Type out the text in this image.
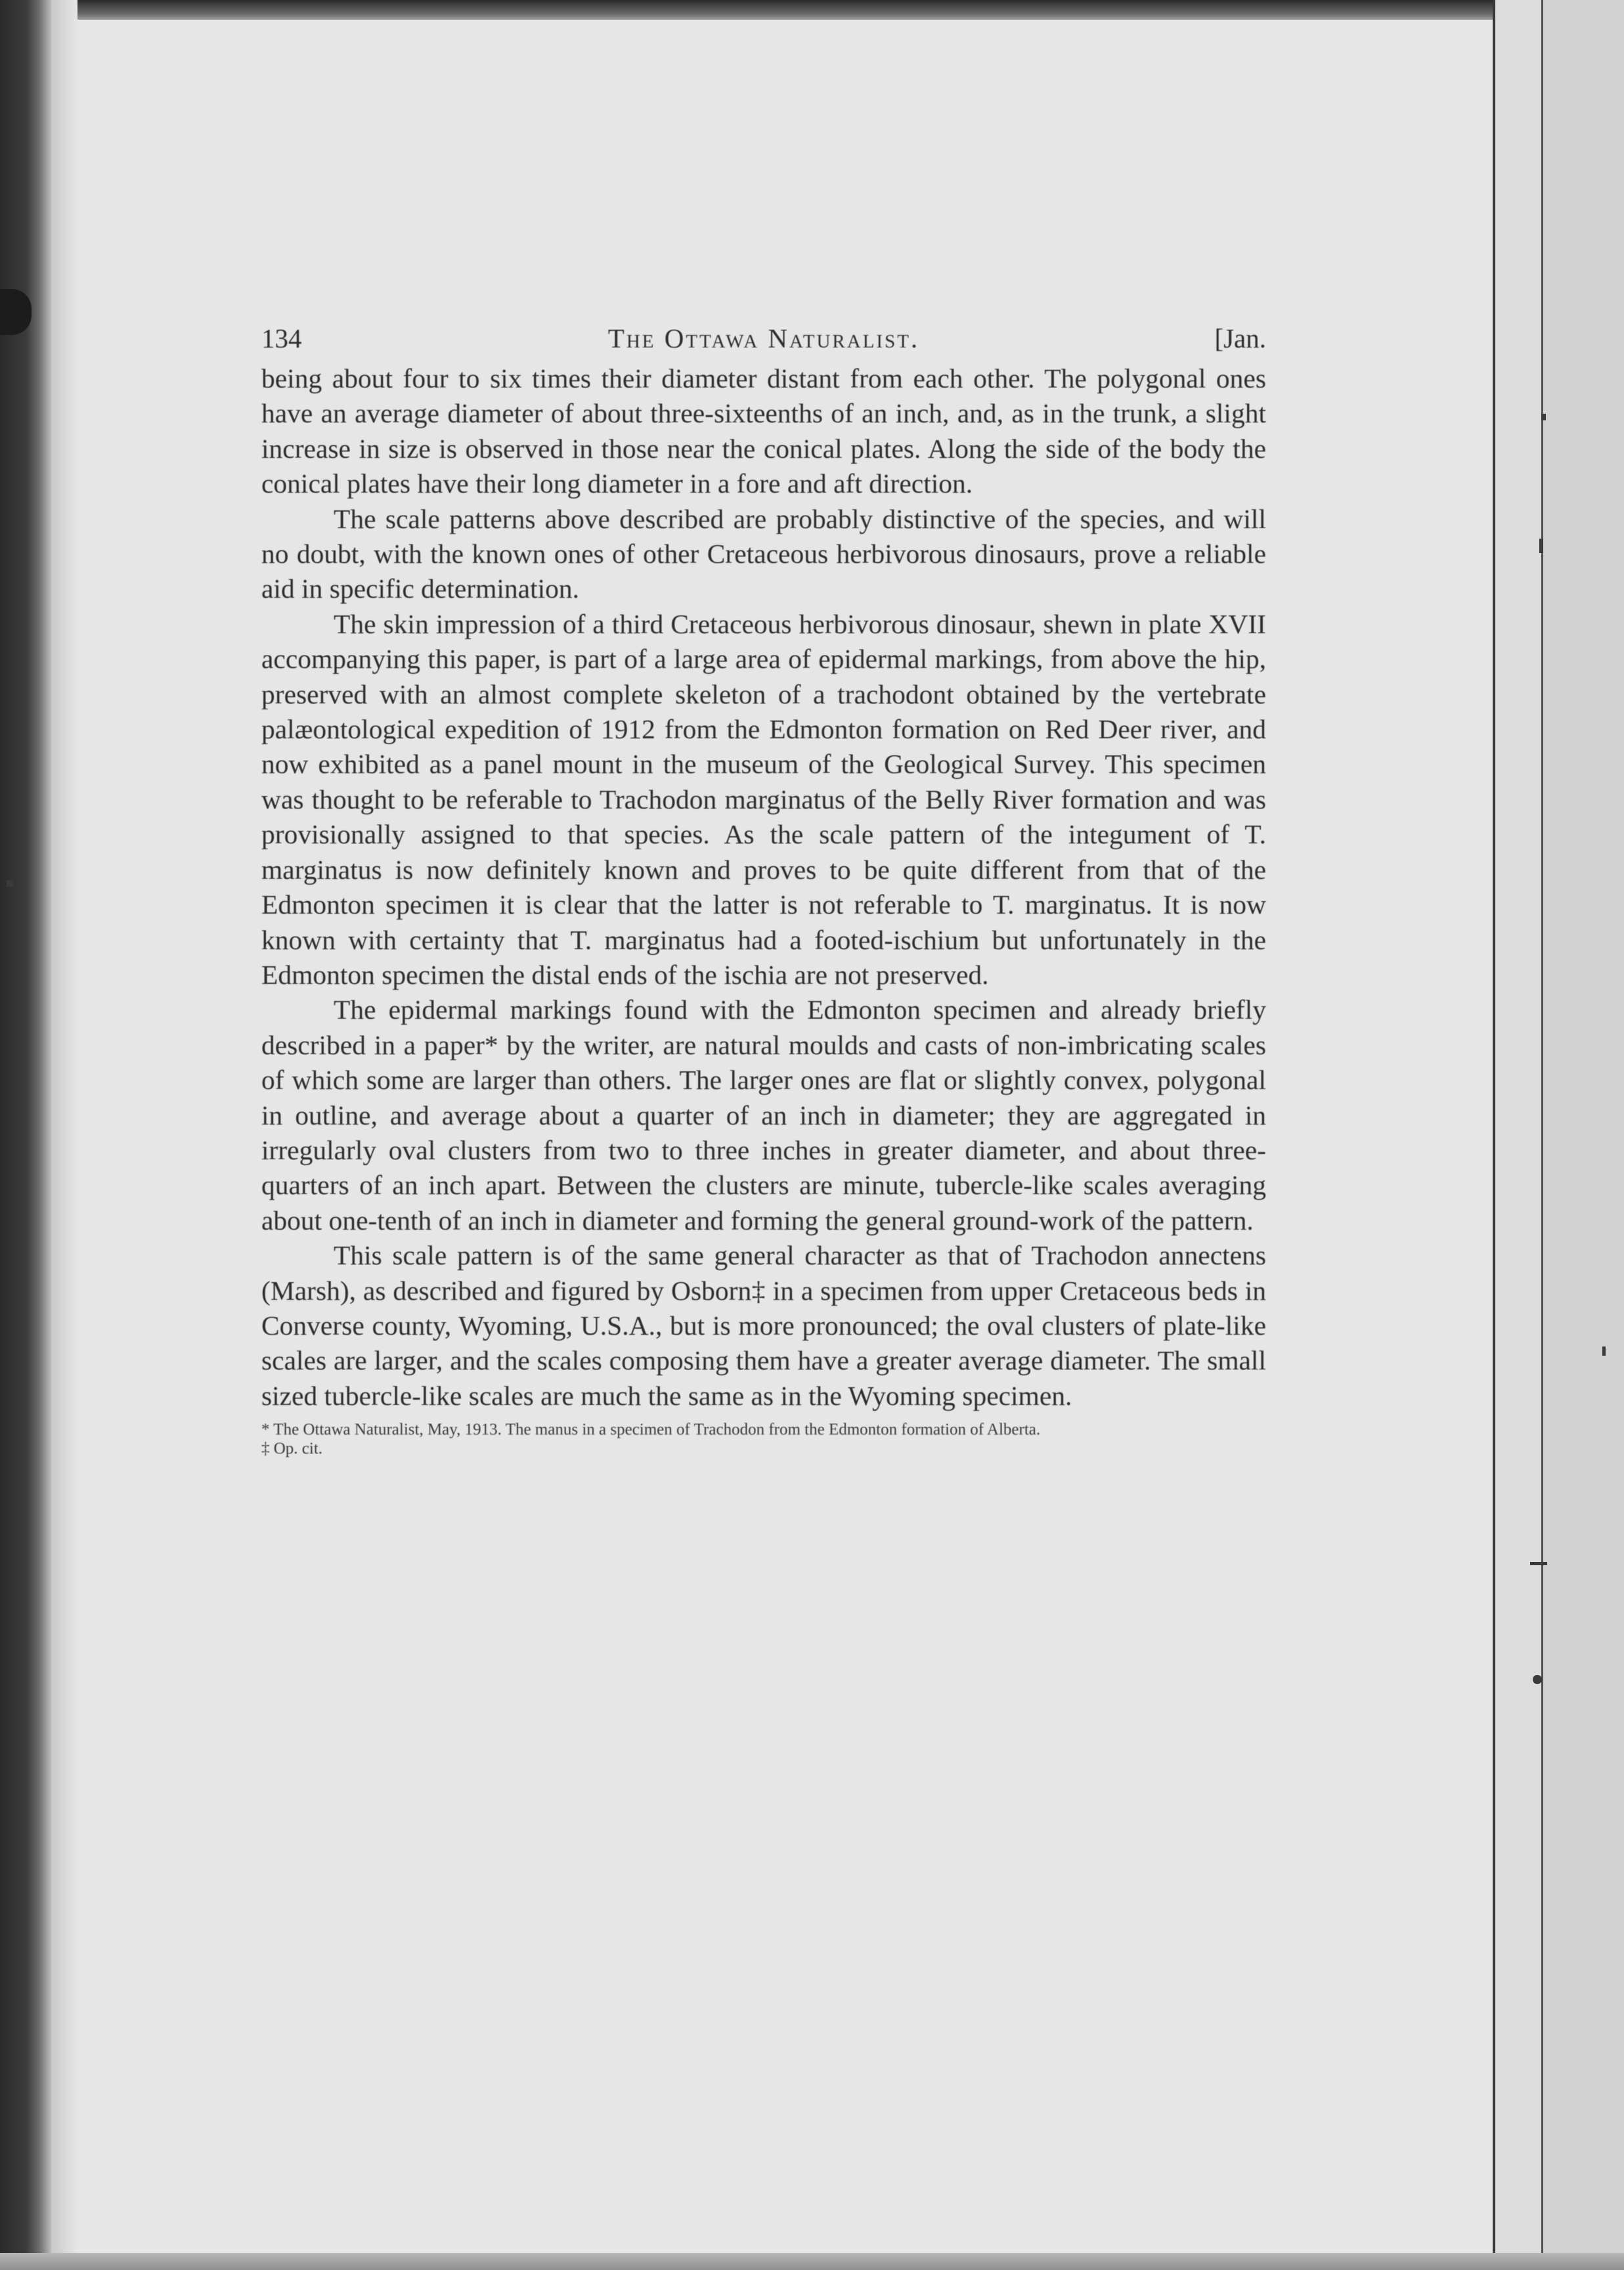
134	The Ottawa Naturalist.	[Jan.

being about four to six times their diameter distant from each other. The polygonal ones have an average diameter of about three-sixteenths of an inch, and, as in the trunk, a slight increase in size is observed in those near the conical plates. Along the side of the body the conical plates have their long diameter in a fore and aft direction.

The scale patterns above described are probably distinctive of the species, and will no doubt, with the known ones of other Cretaceous herbivorous dinosaurs, prove a reliable aid in specific determination.

The skin impression of a third Cretaceous herbivorous dinosaur, shewn in plate XVII accompanying this paper, is part of a large area of epidermal markings, from above the hip, preserved with an almost complete skeleton of a trachodont obtained by the vertebrate palæontological expedition of 1912 from the Edmonton formation on Red Deer river, and now exhibited as a panel mount in the museum of the Geological Survey. This specimen was thought to be referable to Trachodon marginatus of the Belly River formation and was provisionally assigned to that species. As the scale pattern of the integument of T. marginatus is now definitely known and proves to be quite different from that of the Edmonton specimen it is clear that the latter is not referable to T. marginatus. It is now known with certainty that T. marginatus had a footed-ischium but unfortunately in the Edmonton specimen the distal ends of the ischia are not preserved.

The epidermal markings found with the Edmonton specimen and already briefly described in a paper* by the writer, are natural moulds and casts of non-imbricating scales of which some are larger than others. The larger ones are flat or slightly convex, polygonal in outline, and average about a quarter of an inch in diameter; they are aggregated in irregularly oval clusters from two to three inches in greater diameter, and about three-quarters of an inch apart. Between the clusters are minute, tubercle-like scales averaging about one-tenth of an inch in diameter and forming the general ground-work of the pattern.

This scale pattern is of the same general character as that of Trachodon annectens (Marsh), as described and figured by Osborn‡ in a specimen from upper Cretaceous beds in Converse county, Wyoming, U.S.A., but is more pronounced; the oval clusters of plate-like scales are larger, and the scales composing them have a greater average diameter. The small sized tubercle-like scales are much the same as in the Wyoming specimen.

* The Ottawa Naturalist, May, 1913. The manus in a specimen of Trachodon from the Edmonton formation of Alberta.

‡ Op. cit.
